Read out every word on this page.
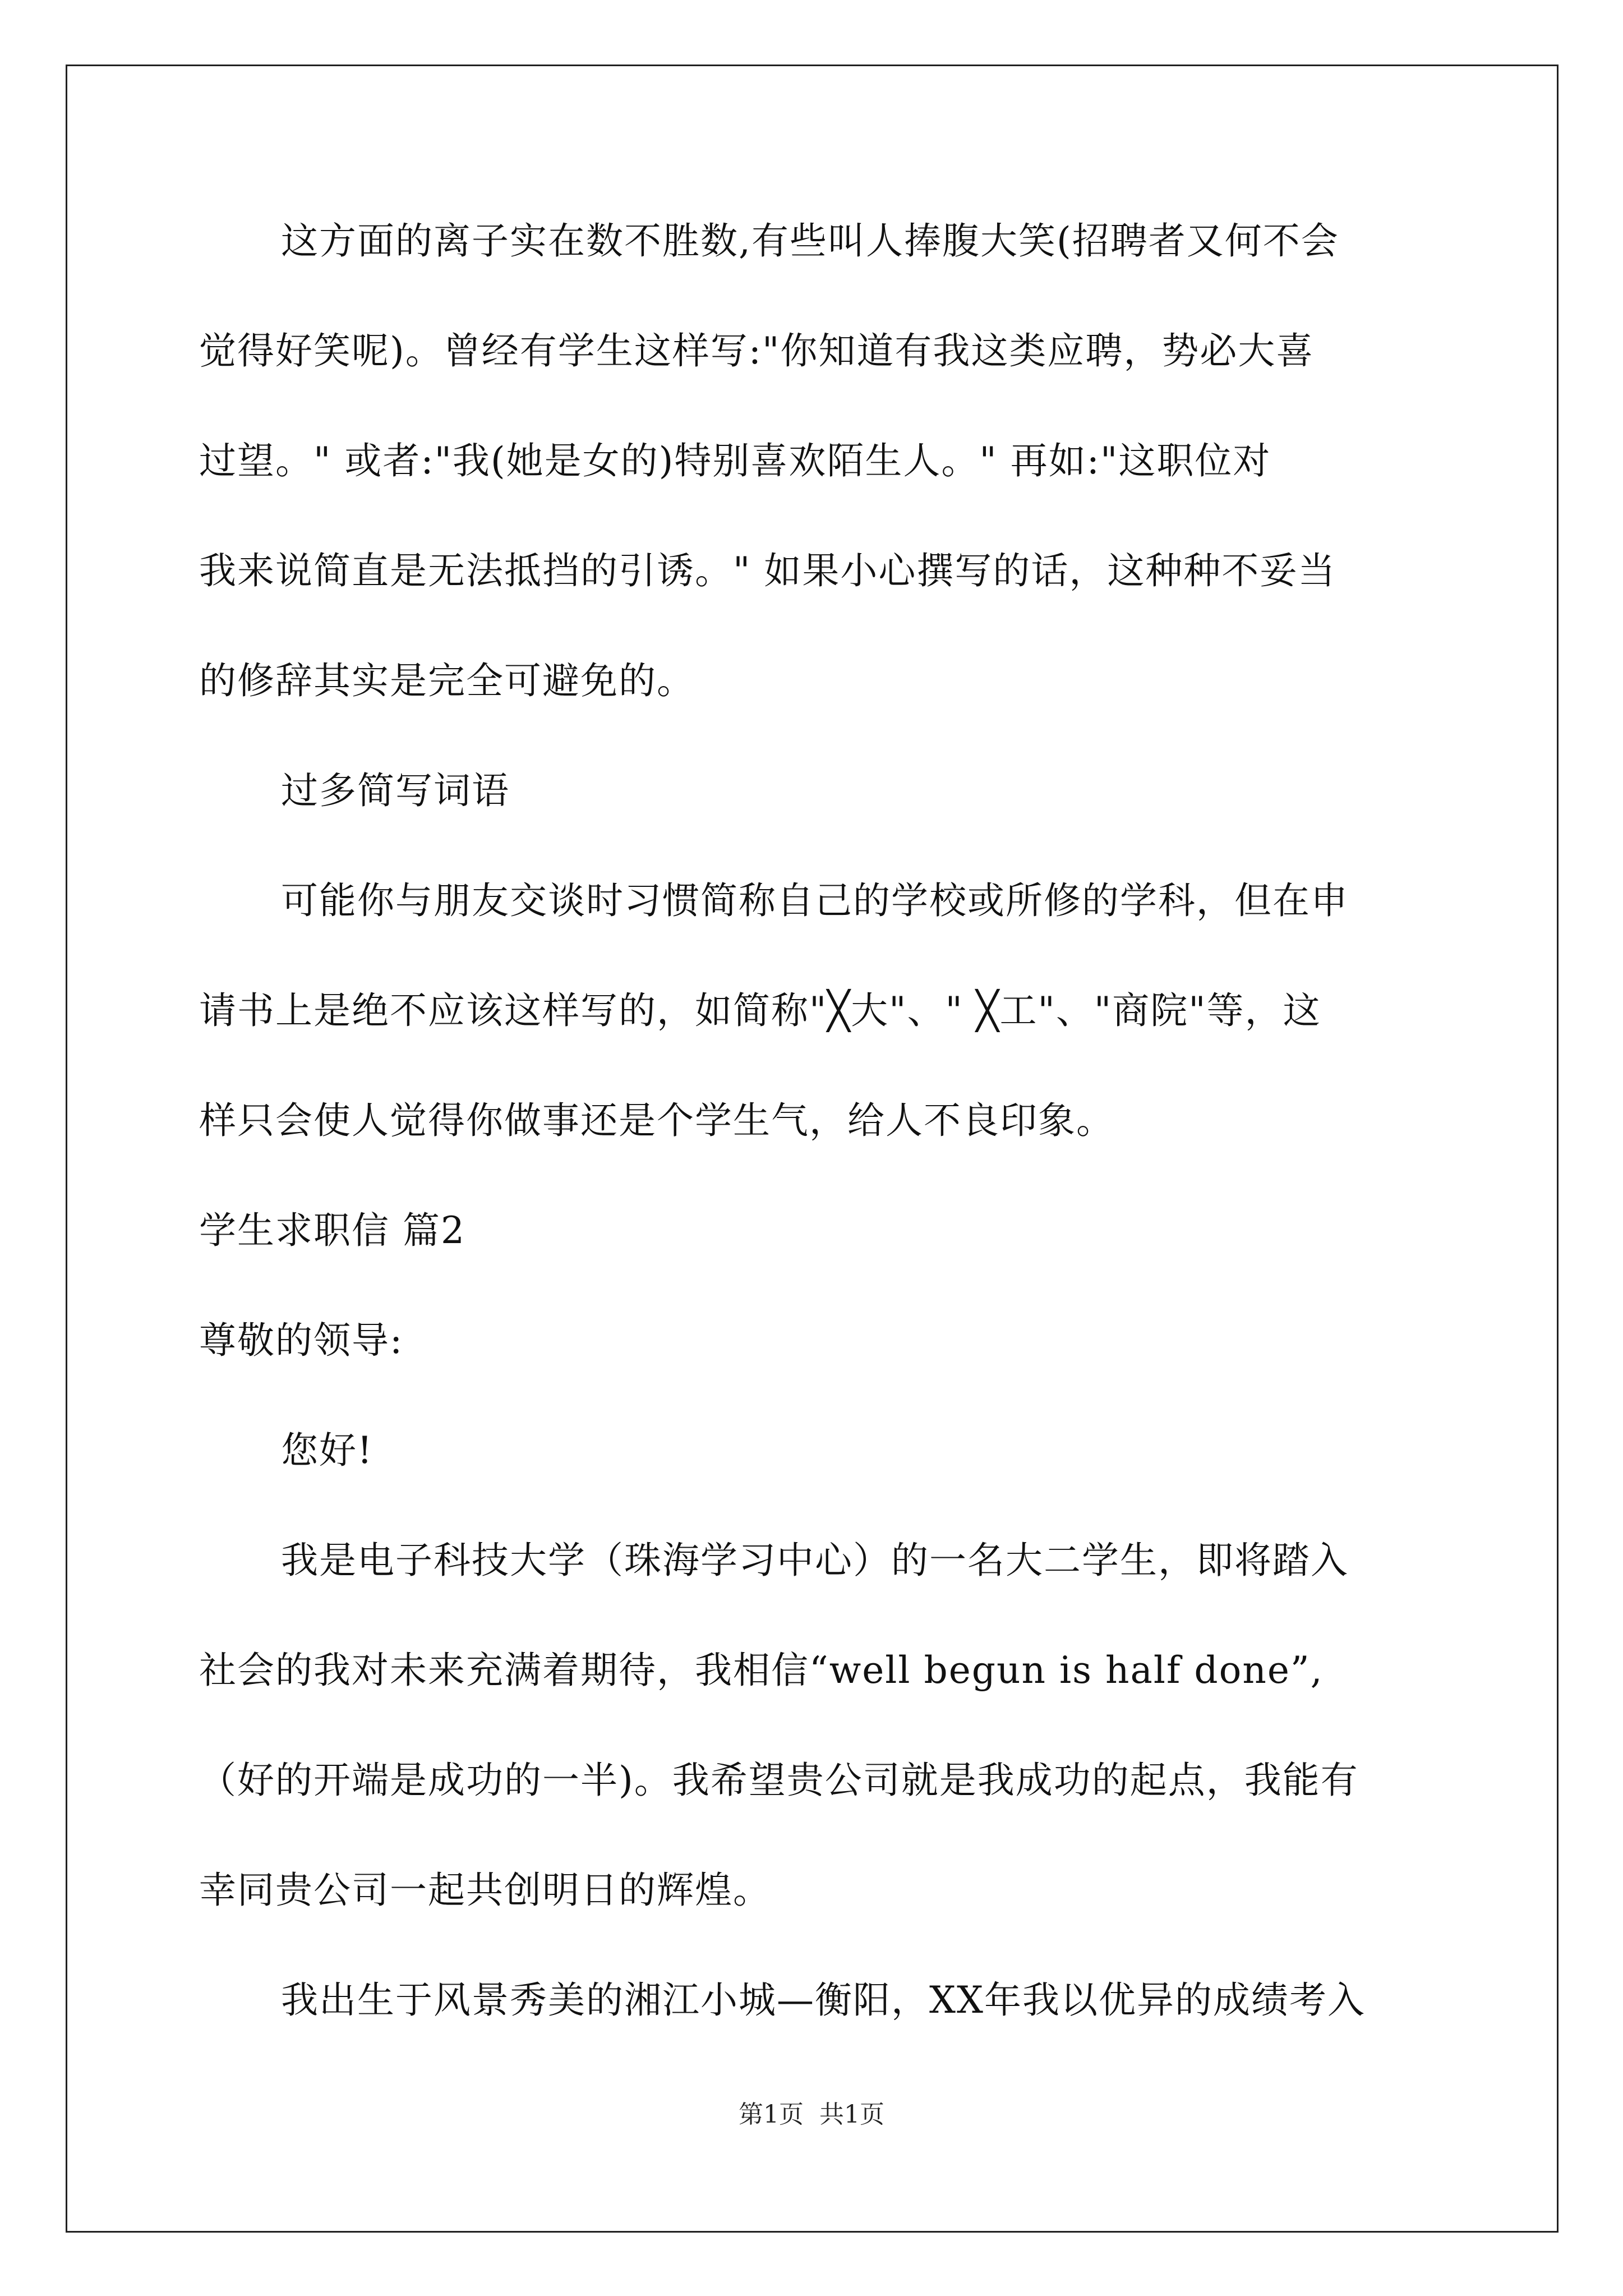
这方面的离子实在数不胜数,有些叫人捧腹大笑(招聘者又何不会
觉得好笑呢)。曾经有学生这样写:"你知道有我这类应聘，势必大喜
过望。" 或者:"我(她是女的)特别喜欢陌生人。" 再如:"这职位对
我来说简直是无法抵挡的引诱。" 如果小心撰写的话，这种种不妥当
的修辞其实是完全可避免的。
过多简写词语
可能你与朋友交谈时习惯简称自己的学校或所修的学科，但在申
请书上是绝不应该这样写的，如简称"╳大"、" ╳工"、"商院"等，这
样只会使人觉得你做事还是个学生气，给人不良印象。
学生求职信 篇2
尊敬的领导:
您好!
我是电子科技大学（珠海学习中心）的一名大二学生，即将踏入
社会的我对未来充满着期待，我相信“well begun is half done”,
（好的开端是成功的一半)。我希望贵公司就是我成功的起点，我能有
幸同贵公司一起共创明日的辉煌。
我出生于风景秀美的湘江小城—衡阳，XX年我以优异的成绩考入
第1页  共1页
